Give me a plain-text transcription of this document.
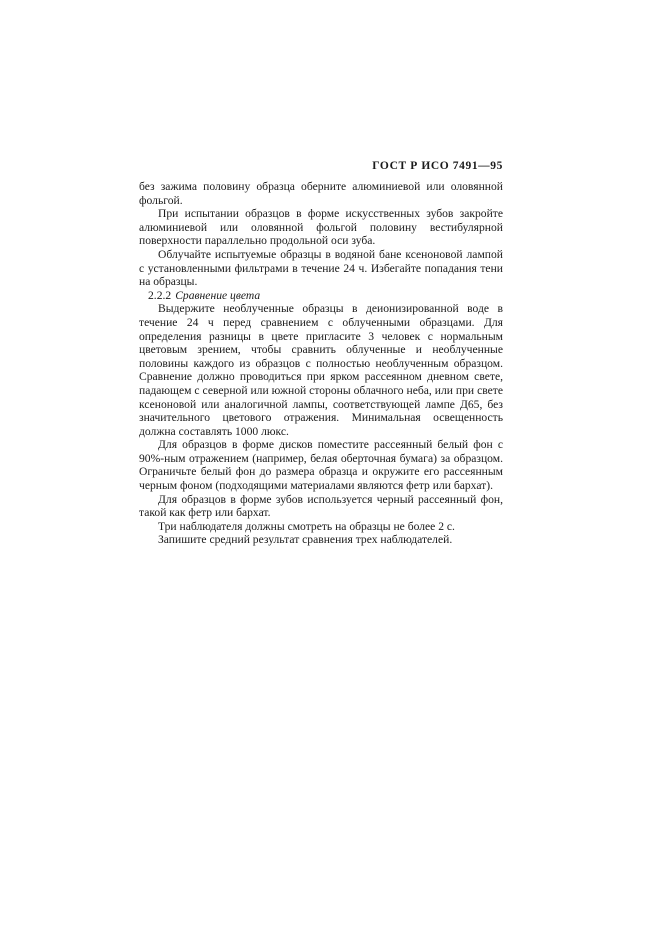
ГОСТ Р ИСО 7491—95

без зажима половину образца оберните алюминиевой или оловянной фольгой.

При испытании образцов в форме искусственных зубов закройте алюминиевой или оловянной фольгой половину вестибулярной поверхности параллельно продольной оси зуба.

Облучайте испытуемые образцы в водяной бане ксеноновой лампой с установленными фильтрами в течение 24 ч. Избегайте попадания тени на образцы.

2.2.2 Сравнение цвета

Выдержите необлученные образцы в деионизированной воде в течение 24 ч перед сравнением с облученными образцами. Для определения разницы в цвете пригласите 3 человек с нормальным цветовым зрением, чтобы сравнить облученные и необлученные половины каждого из образцов с полностью необлученным образцом. Сравнение должно проводиться при ярком рассеянном дневном свете, падающем с северной или южной стороны облачного неба, или при свете ксеноновой или аналогичной лампы, соответствующей лампе Д65, без значительного цветового отражения. Минимальная освещенность должна составлять 1000 люкс.

Для образцов в форме дисков поместите рассеянный белый фон с 90%-ным отражением (например, белая оберточная бумага) за образцом. Ограничьте белый фон до размера образца и окружите его рассеянным черным фоном (подходящими материалами являются фетр или бархат).

Для образцов в форме зубов используется черный рассеянный фон, такой как фетр или бархат.

Три наблюдателя должны смотреть на образцы не более 2 с.

Запишите средний результат сравнения трех наблюдателей.
